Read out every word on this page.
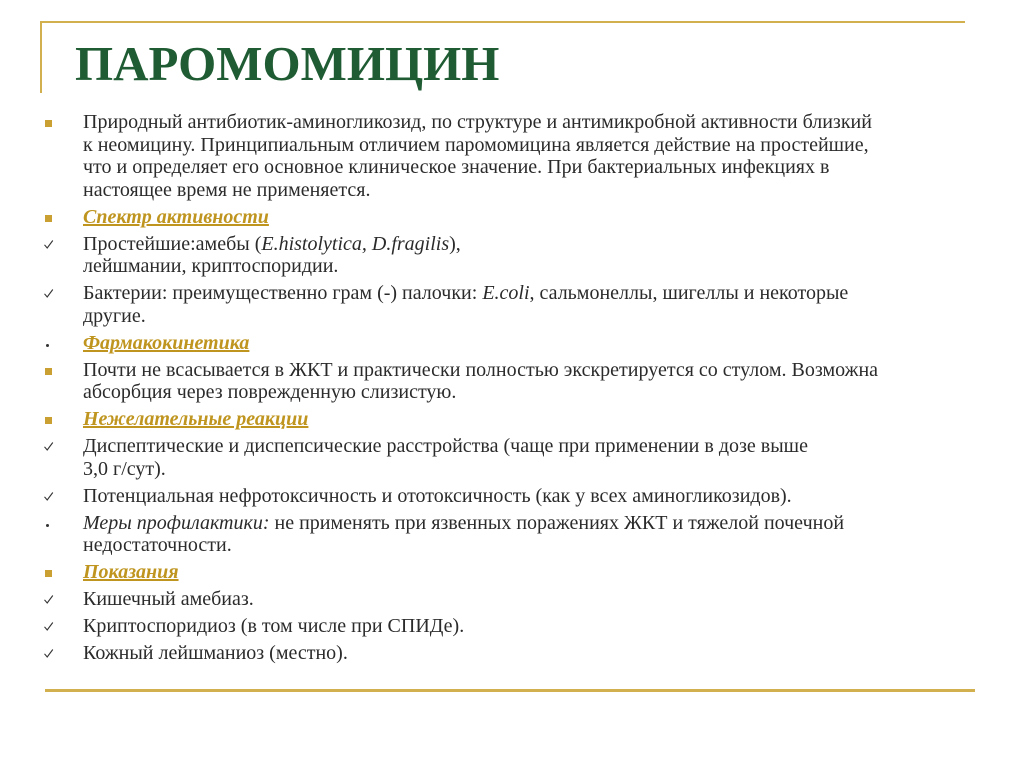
ПАРОМОМИЦИН
Природный антибиотик-аминогликозид, по структуре и антимикробной активности близкий
к неомицину. Принципиальным отличием паромомицина является действие на простейшие,
что и определяет его основное клиническое значение. При бактериальных инфекциях в
настоящее время не применяется.
Спектр активности
Простейшие:амебы (E.histolytica, D.fragilis),
лейшмании, криптоспоридии.
Бактерии: преимущественно грам (-) палочки: E.coli, сальмонеллы, шигеллы и некоторые
другие.
Фармакокинетика
Почти не всасывается в ЖКТ и практически полностью экскретируется со стулом. Возможна
абсорбция через поврежденную слизистую.
Нежелательные реакции
Диспептические и диспепсические расстройства (чаще при применении в дозе выше
3,0 г/сут).
Потенциальная нефротоксичность и ототоксичность (как у всех аминогликозидов).
Меры профилактики: не применять при язвенных поражениях ЖКТ и тяжелой почечной
недостаточности.
Показания
Кишечный амебиаз.
Криптоспоридиоз (в том числе при СПИДе).
Кожный лейшманиоз (местно).
